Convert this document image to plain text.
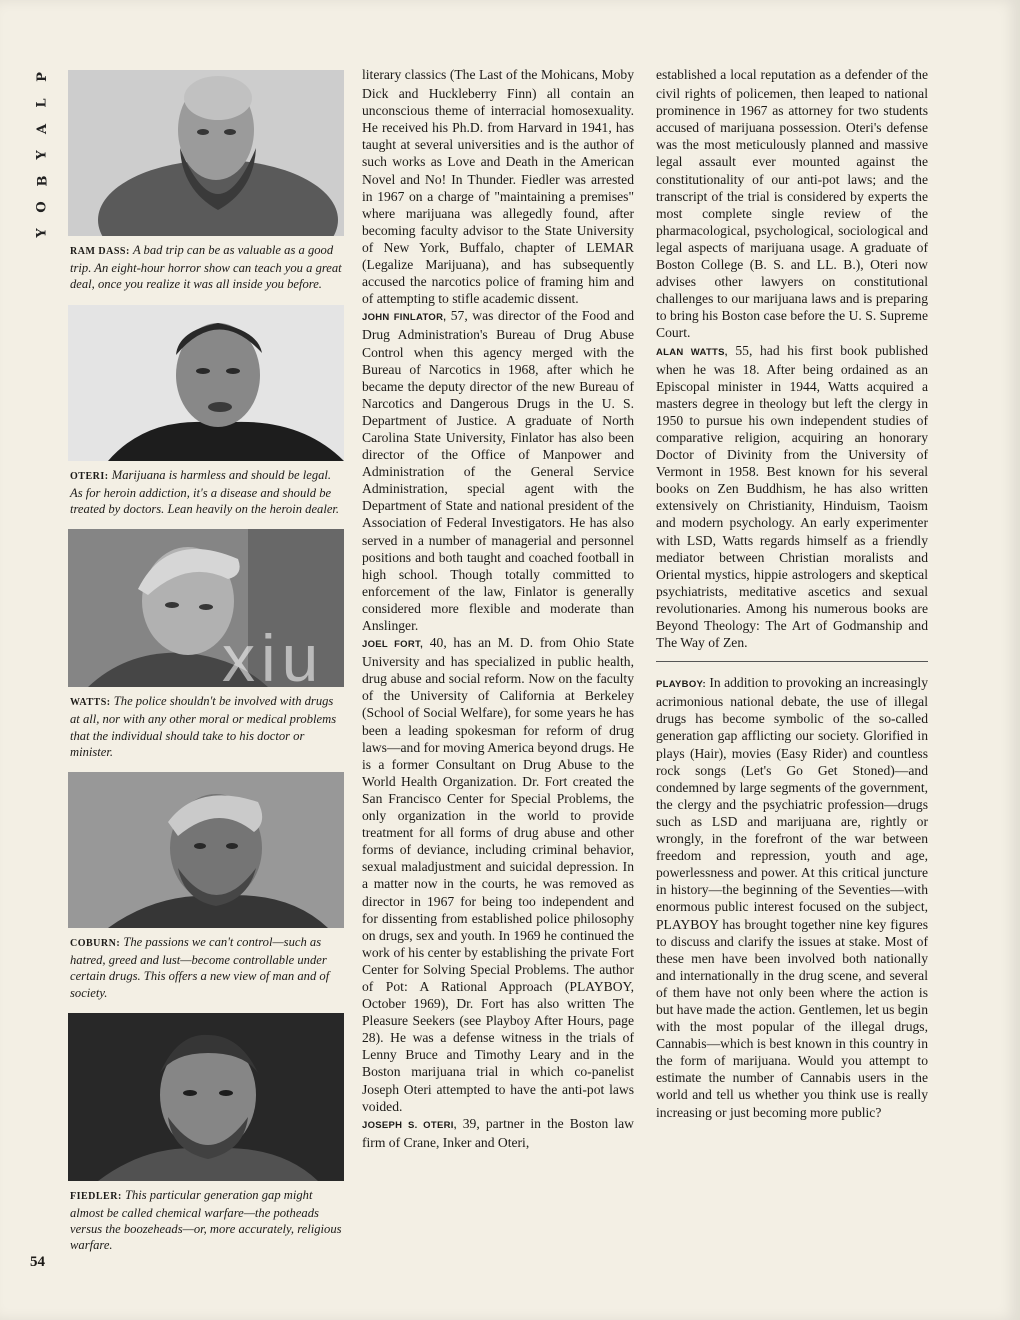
P
L
A
Y
B
O
Y
RAM DASS: A bad trip can be as valuable as a good trip. An eight-hour horror show can teach you a great deal, once you realize it was all inside you before.
OTERI: Marijuana is harmless and should be legal. As for heroin addiction, it's a disease and should be treated by doctors. Lean heavily on the heroin dealer.
WATTS: The police shouldn't be involved with drugs at all, nor with any other moral or medical problems that the individual should take to his doctor or minister.
COBURN: The passions we can't control—such as hatred, greed and lust—become controllable under certain drugs. This offers a new view of man and of society.
FIEDLER: This particular generation gap might almost be called chemical warfare—the potheads versus the boozeheads—or, more accurately, religious warfare.
54

literary classics (The Last of the Mohicans, Moby Dick and Huckleberry Finn) all contain an unconscious theme of interracial homosexuality. He received his Ph.D. from Harvard in 1941, has taught at several universities and is the author of such works as Love and Death in the American Novel and No! In Thunder. Fiedler was arrested in 1967 on a charge of "maintaining a premises" where marijuana was allegedly found, after becoming faculty advisor to the State University of New York, Buffalo, chapter of LEMAR (Legalize Marijuana), and has subsequently accused the narcotics police of framing him and of attempting to stifle academic dissent.

JOHN FINLATOR, 57, was director of the Food and Drug Administration's Bureau of Drug Abuse Control when this agency merged with the Bureau of Narcotics in 1968, after which he became the deputy director of the new Bureau of Narcotics and Dangerous Drugs in the U. S. Department of Justice. A graduate of North Carolina State University, Finlator has also been director of the Office of Manpower and Administration of the General Service Administration, special agent with the Department of State and national president of the Association of Federal Investigators. He has also served in a number of managerial and personnel positions and both taught and coached football in high school. Though totally committed to enforcement of the law, Finlator is generally considered more flexible and moderate than Anslinger.

JOEL FORT, 40, has an M. D. from Ohio State University and has specialized in public health, drug abuse and social reform. Now on the faculty of the University of California at Berkeley (School of Social Welfare), for some years he has been a leading spokesman for reform of drug laws—and for moving America beyond drugs. He is a former Consultant on Drug Abuse to the World Health Organization. Dr. Fort created the San Francisco Center for Special Problems, the only organization in the world to provide treatment for all forms of drug abuse and other forms of deviance, including criminal behavior, sexual maladjustment and suicidal depression. In a matter now in the courts, he was removed as director in 1967 for being too independent and for dissenting from established police philosophy on drugs, sex and youth. In 1969 he continued the work of his center by establishing the private Fort Center for Solving Special Problems. The author of Pot: A Rational Approach (PLAYBOY, October 1969), Dr. Fort has also written The Pleasure Seekers (see Playboy After Hours, page 28). He was a defense witness in the trials of Lenny Bruce and Timothy Leary and in the Boston marijuana trial in which co-panelist Joseph Oteri attempted to have the anti-pot laws voided.

JOSEPH S. OTERI, 39, partner in the Boston law firm of Crane, Inker and Oteri,

established a local reputation as a defender of the civil rights of policemen, then leaped to national prominence in 1967 as attorney for two students accused of marijuana possession. Oteri's defense was the most meticulously planned and massive legal assault ever mounted against the constitutionality of our anti-pot laws; and the transcript of the trial is considered by experts the most complete single review of the pharmacological, psychological, sociological and legal aspects of marijuana usage. A graduate of Boston College (B. S. and LL. B.), Oteri now advises other lawyers on constitutional challenges to our marijuana laws and is preparing to bring his Boston case before the U. S. Supreme Court.

ALAN WATTS, 55, had his first book published when he was 18. After being ordained as an Episcopal minister in 1944, Watts acquired a masters degree in theology but left the clergy in 1950 to pursue his own independent studies of comparative religion, acquiring an honorary Doctor of Divinity from the University of Vermont in 1958. Best known for his several books on Zen Buddhism, he has also written extensively on Christianity, Hinduism, Taoism and modern psychology. An early experimenter with LSD, Watts regards himself as a friendly mediator between Christian moralists and Oriental mystics, hippie astrologers and skeptical psychiatrists, meditative ascetics and sexual revolutionaries. Among his numerous books are Beyond Theology: The Art of Godmanship and The Way of Zen.

PLAYBOY: In addition to provoking an increasingly acrimonious national debate, the use of illegal drugs has become symbolic of the so-called generation gap afflicting our society. Glorified in plays (Hair), movies (Easy Rider) and countless rock songs (Let's Go Get Stoned)—and condemned by large segments of the government, the clergy and the psychiatric profession—drugs such as LSD and marijuana are, rightly or wrongly, in the forefront of the war between freedom and repression, youth and age, powerlessness and power. At this critical juncture in history—the beginning of the Seventies—with enormous public interest focused on the subject, PLAYBOY has brought together nine key figures to discuss and clarify the issues at stake. Most of these men have been involved both nationally and internationally in the drug scene, and several of them have not only been where the action is but have made the action. Gentlemen, let us begin with the most popular of the illegal drugs, Cannabis—which is best known in this country in the form of marijuana. Would you attempt to estimate the number of Cannabis users in the world and tell us whether you think use is really increasing or just becoming more public?

xiu
